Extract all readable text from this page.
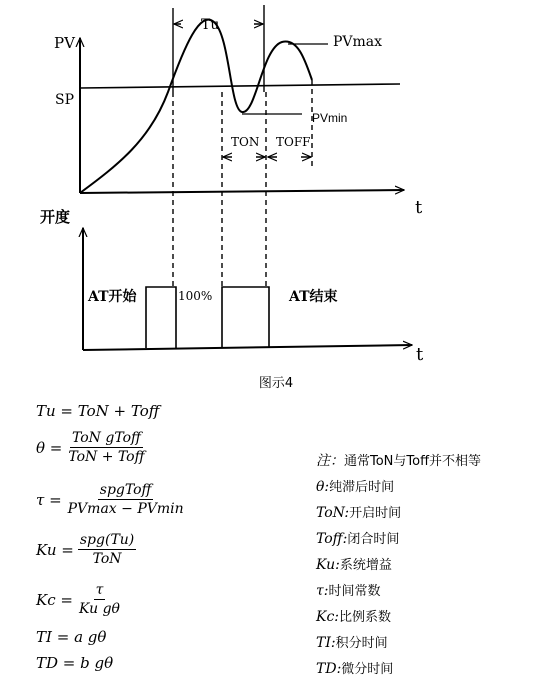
Tu
PVmax
PVmin
TON TOFF
PV
SP
t
开度
AT开始	100%	AT结束
t
图示4
Tu =
ToN + Toff
$\theta = \frac{\text{ToN gToff}}{\text{ToN + Toff}}$
$\tau = \frac{\text{spgToff}}{PVmax - PVmin}$
$Ku = \frac{\text{spg(Tu)}}{\text{ToN}}$
$Kc = \frac{\tau}{\text{Ku gθ}}$
TI =
a gθ
TD =
b gθ
注：通常ToN与Toff并不相等
θ:纯滞后时间
ToN:开启时间
Toff:闭合时间
Ku:系统增益
τ:时间常数
Kc:比例系数
TI:积分时间
TD:微分时间
